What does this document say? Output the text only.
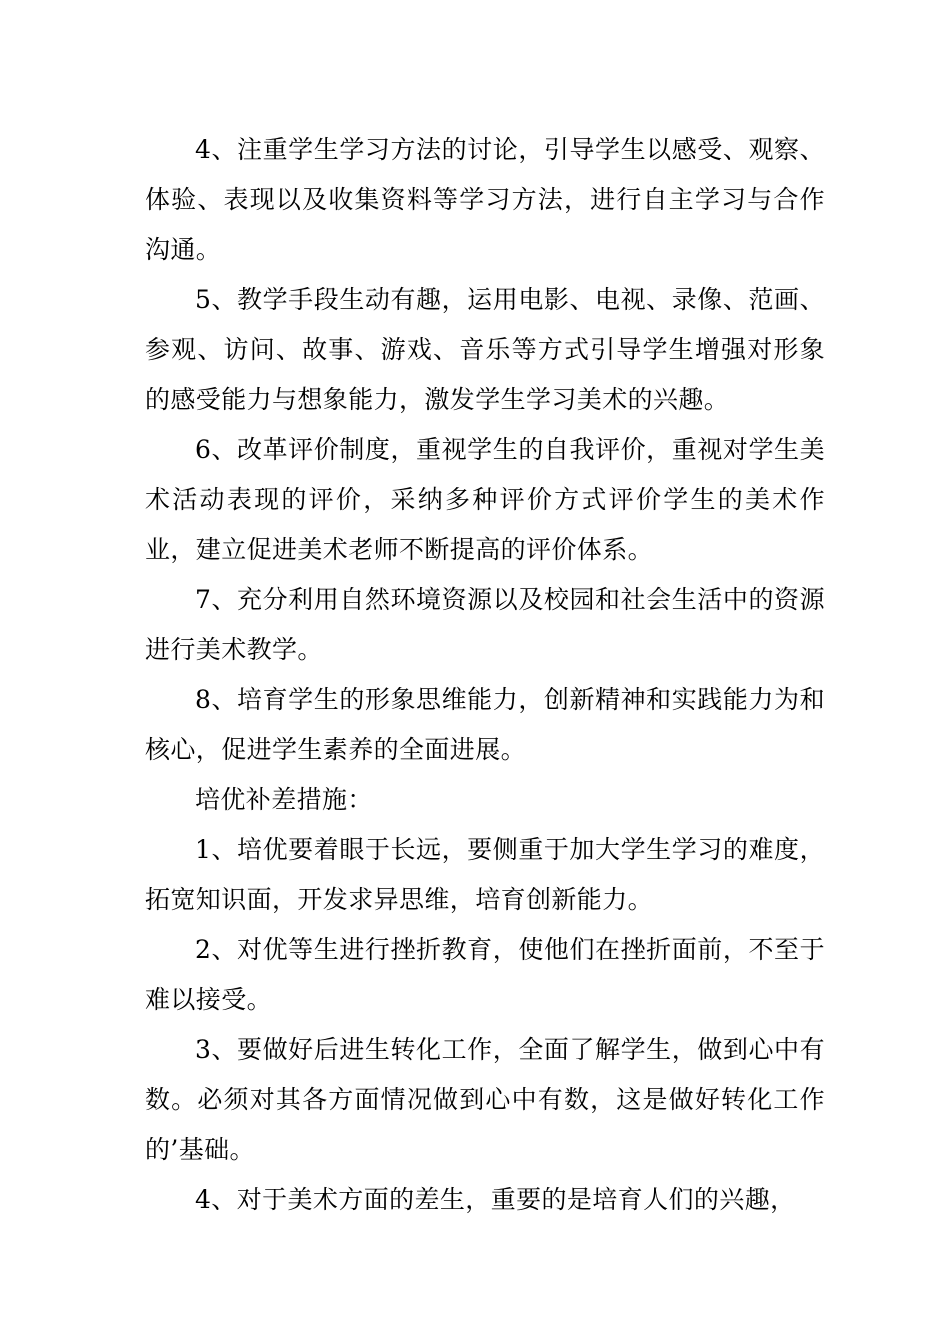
4、注重学生学习方法的讨论，引导学生以感受、观察、体验、表现以及收集资料等学习方法，进行自主学习与合作沟通。

5、教学手段生动有趣，运用电影、电视、录像、范画、参观、访问、故事、游戏、音乐等方式引导学生增强对形象的感受能力与想象能力，激发学生学习美术的兴趣。

6、改革评价制度，重视学生的自我评价，重视对学生美术活动表现的评价，采纳多种评价方式评价学生的美术作业，建立促进美术老师不断提高的评价体系。

7、充分利用自然环境资源以及校园和社会生活中的资源进行美术教学。

8、培育学生的形象思维能力，创新精神和实践能力为和核心，促进学生素养的全面进展。

培优补差措施：

1、培优要着眼于长远，要侧重于加大学生学习的难度，拓宽知识面，开发求异思维，培育创新能力。

2、对优等生进行挫折教育，使他们在挫折面前，不至于难以接受。

3、要做好后进生转化工作，全面了解学生，做到心中有数。必须对其各方面情况做到心中有数，这是做好转化工作的’基础。

4、对于美术方面的差生，重要的是培育人们的兴趣，
